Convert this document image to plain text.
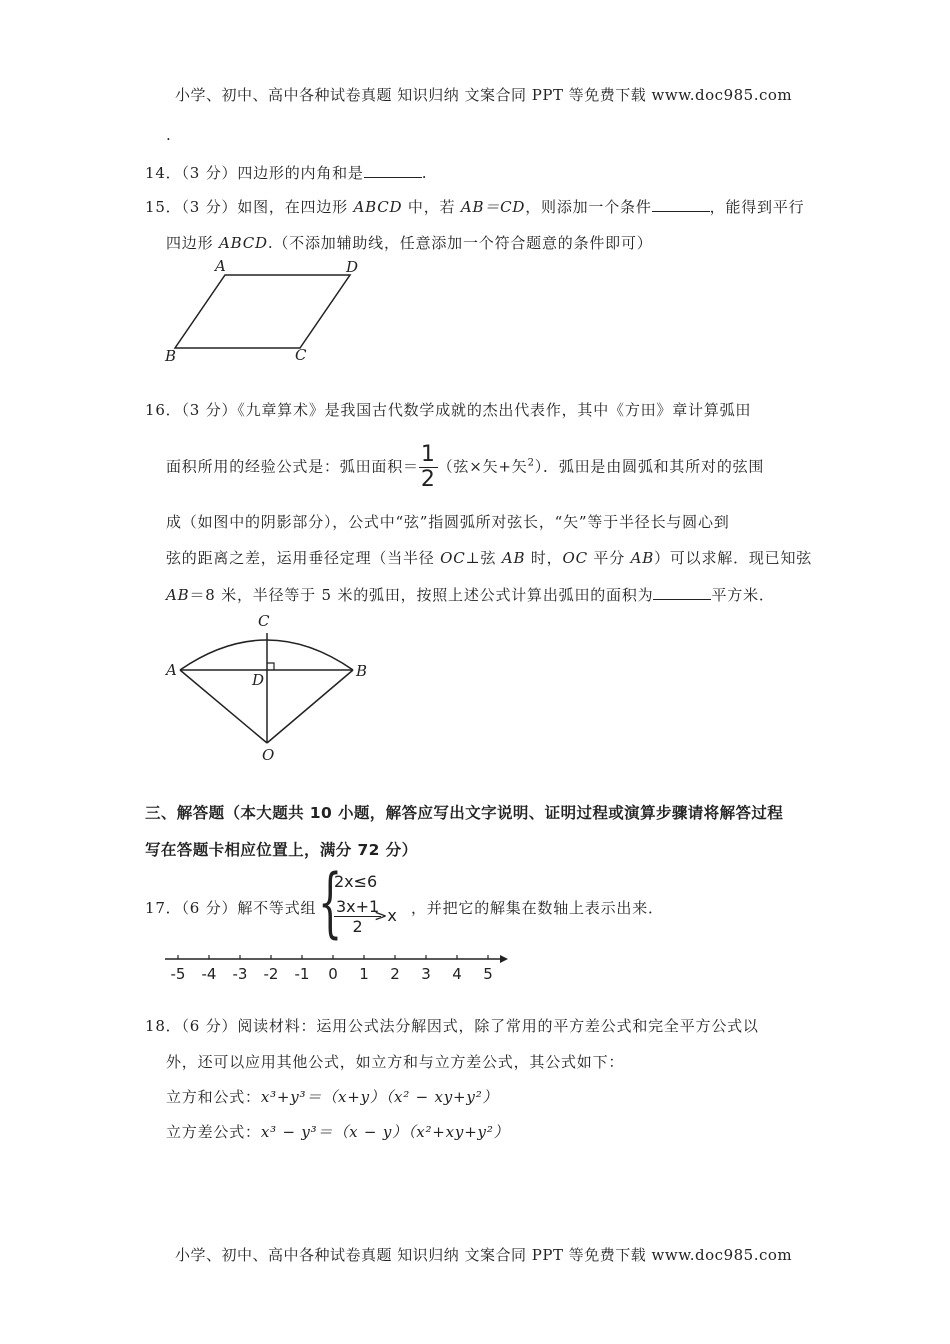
小学、初中、高中各种试卷真题 知识归纳 文案合同 PPT 等免费下载 www.doc985.com
小学、初中、高中各种试卷真题 知识归纳 文案合同 PPT 等免费下载 www.doc985.com
.
14．（3 分）四边形的内角和是	.
15．（3 分）如图，在四边形 ABCD 中，若 AB＝CD，则添加一个条件	，能得到平行
四边形 ABCD.（不添加辅助线，任意添加一个符合题意的条件即可）
A	D
B	C
16．（3 分）《九章算术》是我国古代数学成就的杰出代表作，其中《方田》章计算弧田
面积所用的经验公式是：弧田面积＝ $\frac{1}{2}$ （弦×矢+矢$^2$）．弧田是由圆弧和其所对的弦围
成（如图中的阴影部分），公式中“弦”指圆弧所对弦长，“矢”等于半径长与圆心到
弦的距离之差，运用垂径定理（当半径 OC⊥弦 AB 时，OC 平分 AB）可以求解．现已知弦
AB＝8 米，半径等于 5 米的弧田，按照上述公式计算出弧田的面积为	平方米．
C
A	B
D
O
三、解答题（本大题共 10 小题，解答应写出文字说明、证明过程或演算步骤请将解答过程
写在答题卡相应位置上，满分 72 分）
17．（6 分）解不等式组 {
2x≤6
$\frac{3x+1}{2}$
>x ，并把它的解集在数轴上表示出来．
-5 -4 -3 -2 -1 0 1 2 3 4 5
18．（6 分）阅读材料：运用公式法分解因式，除了常用的平方差公式和完全平方公式以
外，还可以应用其他公式，如立方和与立方差公式，其公式如下：
立方和公式：x³+y³＝（x+y）（x² − xy+y²）
立方差公式：x³ − y³＝（x − y）（x²+xy+y²）
